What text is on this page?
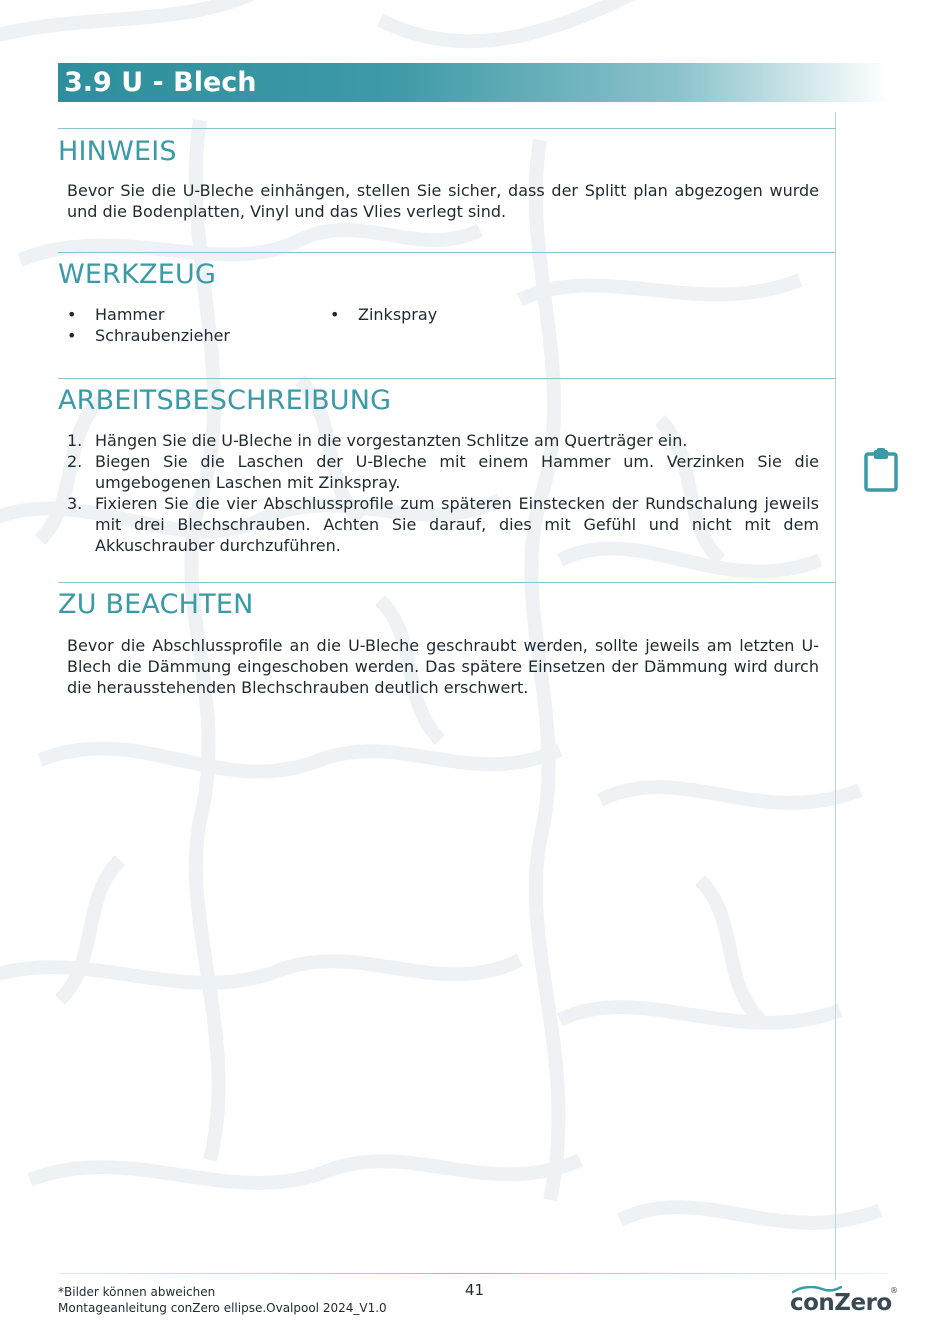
3.9 U - Blech
HINWEIS

Bevor Sie die U-Bleche einhängen, stellen Sie sicher, dass der Splitt plan abgezogen wurde und die Bodenplatten, Vinyl und das Vlies verlegt sind.

WERKZEUG
• Hammer
• Schraubenzieher
• Zinkspray
ARBEITSBESCHREIBUNG
1. Hängen Sie die U-Bleche in die vorgestanzten Schlitze am Querträger ein.
2. Biegen Sie die Laschen der U-Bleche mit einem Hammer um. Verzinken Sie die umgebogenen Laschen mit Zinkspray.
3. Fixieren Sie die vier Abschlussprofile zum späteren Einstecken der Rundschalung jeweils mit drei Blechschrauben. Achten Sie darauf, dies mit Gefühl und nicht mit dem Akkuschrauber durchzuführen.
ZU BEACHTEN

Bevor die Abschlussprofile an die U-Bleche geschraubt werden, sollte jeweils am letzten U-Blech die Dämmung eingeschoben werden. Das spätere Einsetzen der Dämmung wird durch die herausstehenden Blechschrauben deutlich erschwert.

41
*Bilder können abweichen
Montageanleitung conZero ellipse.Ovalpool 2024_V1.0	conZero
®
